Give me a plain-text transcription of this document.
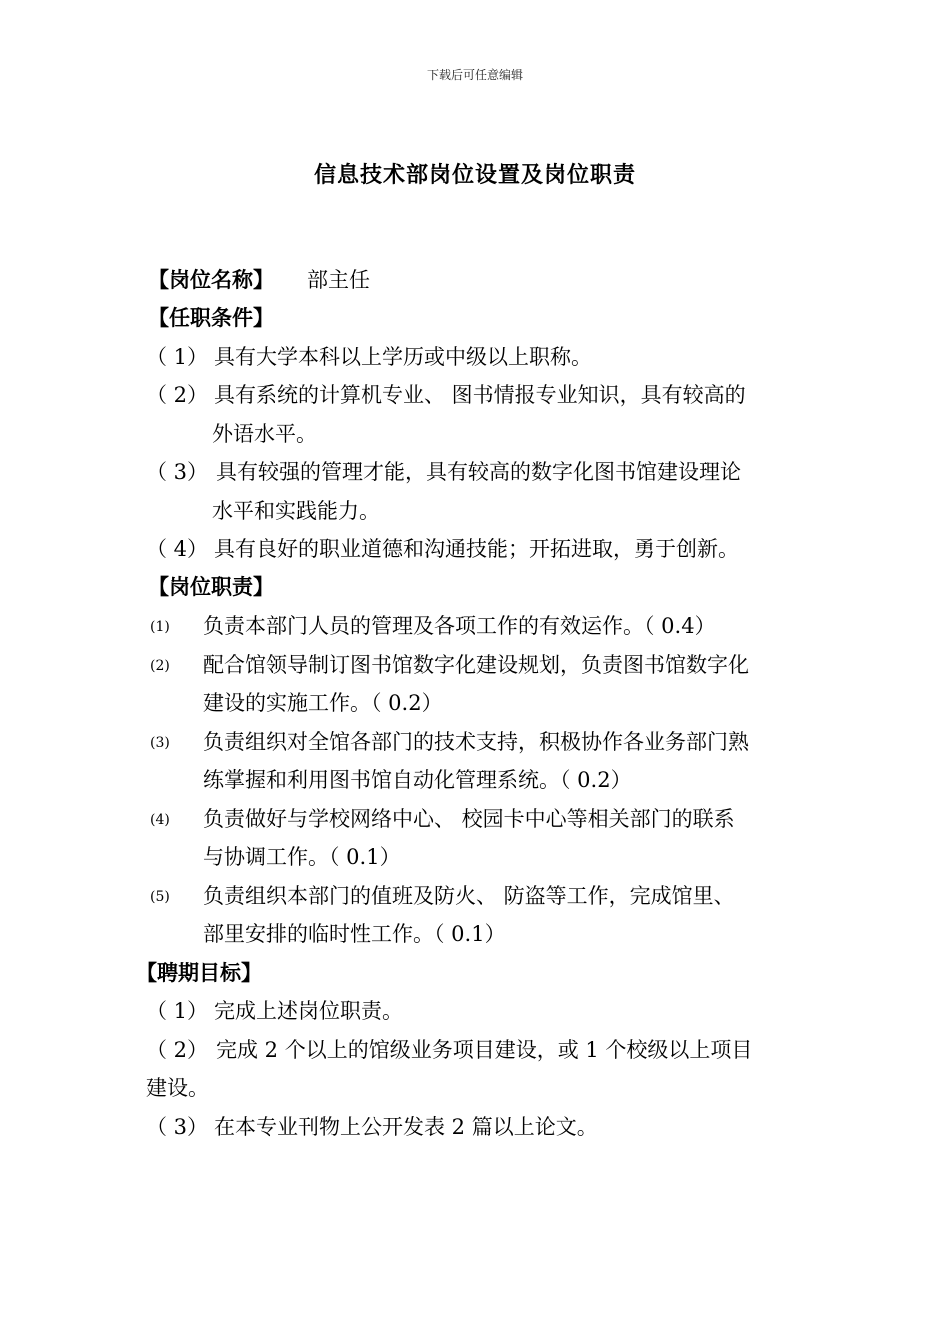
下载后可任意编辑
信息技术部岗位设置及岗位职责
【岗位名称】 部主任
【任职条件】
（ 1） 具有大学本科以上学历或中级以上职称。
（ 2） 具有系统的计算机专业、 图书情报专业知识，具有较高的
外语水平。
（ 3） 具有较强的管理才能，具有较高的数字化图书馆建设理论
水平和实践能力。
（ 4） 具有良好的职业道德和沟通技能；开拓进取，勇于创新。
【岗位职责】
(1) 负责本部门人员的管理及各项工作的有效运作。（ 0.4）
(2) 配合馆领导制订图书馆数字化建设规划，负责图书馆数字化
建设的实施工作。（ 0.2）
(3) 负责组织对全馆各部门的技术支持，积极协作各业务部门熟
练掌握和利用图书馆自动化管理系统。（ 0.2）
(4) 负责做好与学校网络中心、 校园卡中心等相关部门的联系
与协调工作。（ 0.1）
(5) 负责组织本部门的值班及防火、 防盗等工作，完成馆里、
部里安排的临时性工作。（ 0.1）
【聘期目标】
（ 1） 完成上述岗位职责。
（ 2） 完成 2 个以上的馆级业务项目建设，或 1 个校级以上项目
建设。
（ 3） 在本专业刊物上公开发表 2 篇以上论文。
